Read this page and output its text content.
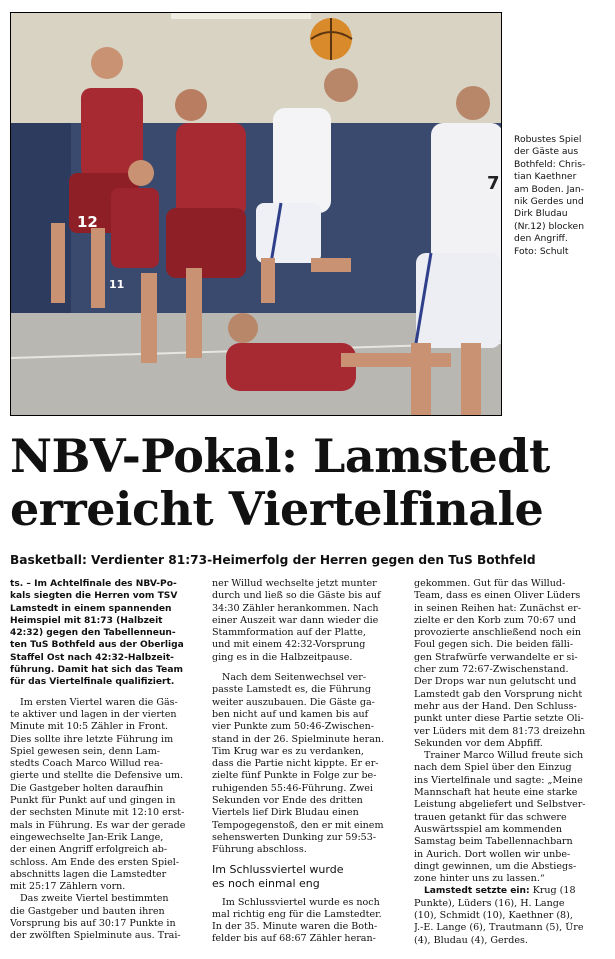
12
11
7
Robustes Spiel
der Gäste aus
Bothfeld: Chris-
tian Kaethner
am Boden. Jan-
nik Gerdes und
Dirk Bludau
(Nr.12) blocken
den Angriff.
Foto: Schult
NBV-Pokal: Lamstedt
erreicht Viertelfinale
Basketball: Verdienter 81:73-Heimerfolg der Herren gegen den TuS Bothfeld
ts. – Im Achtelfinale des NBV-Po-
kals siegten die Herren vom TSV
Lamstedt in einem spannenden
Heimspiel mit 81:73 (Halbzeit
42:32) gegen den Tabellenneun-
ten TuS Bothfeld aus der Oberliga
Staffel Ost nach 42:32-Halbzeit-
führung. Damit hat sich das Team
für das Viertelfinale qualifiziert.
Im ersten Viertel waren die Gäs-
te aktiver und lagen in der vierten
Minute mit 10:5 Zähler in Front.
Dies sollte ihre letzte Führung im
Spiel gewesen sein, denn Lam-
stedts Coach Marco Willud rea-
gierte und stellte die Defensive um.
Die Gastgeber holten daraufhin
Punkt für Punkt auf und gingen in
der sechsten Minute mit 12:10 erst-
mals in Führung. Es war der gerade
eingewechselte Jan-Erik Lange,
der einen Angriff erfolgreich ab-
schloss. Am Ende des ersten Spiel-
abschnitts lagen die Lamstedter
mit 25:17 Zählern vorn.
Das zweite Viertel bestimmten
die Gastgeber und bauten ihren
Vorsprung bis auf 30:17 Punkte in
der zwölften Spielminute aus. Trai-
ner Willud wechselte jetzt munter
durch und ließ so die Gäste bis auf
34:30 Zähler herankommen. Nach
einer Auszeit war dann wieder die
Stammformation auf der Platte,
und mit einem 42:32-Vorsprung
ging es in die Halbzeitpause.
Nach dem Seitenwechsel ver-
passte Lamstedt es, die Führung
weiter auszubauen. Die Gäste ga-
ben nicht auf und kamen bis auf
vier Punkte zum 50:46-Zwischen-
stand in der 26. Spielminute heran.
Tim Krug war es zu verdanken,
dass die Partie nicht kippte. Er er-
zielte fünf Punkte in Folge zur be-
ruhigenden 55:46-Führung. Zwei
Sekunden vor Ende des dritten
Viertels lief Dirk Bludau einen
Tempogegenstoß, den er mit einem
sehenswerten Dunking zur 59:53-
Führung abschloss.
Im Schlussviertel wurde
es noch einmal eng
Im Schlussviertel wurde es noch
mal richtig eng für die Lamstedter.
In der 35. Minute waren die Both-
felder bis auf 68:67 Zähler heran-
gekommen. Gut für das Willud-
Team, dass es einen Oliver Lüders
in seinen Reihen hat: Zunächst er-
zielte er den Korb zum 70:67 und
provozierte anschließend noch ein
Foul gegen sich. Die beiden fälli-
gen Strafwürfe verwandelte er si-
cher zum 72:67-Zwischenstand.
Der Drops war nun gelutscht und
Lamstedt gab den Vorsprung nicht
mehr aus der Hand. Den Schluss-
punkt unter diese Partie setzte Oli-
ver Lüders mit dem 81:73 dreizehn
Sekunden vor dem Abpfiff.
Trainer Marco Willud freute sich
nach dem Spiel über den Einzug
ins Viertelfinale und sagte: „Meine
Mannschaft hat heute eine starke
Leistung abgeliefert und Selbstver-
trauen getankt für das schwere
Auswärtsspiel am kommenden
Samstag beim Tabellennachbarn
in Aurich. Dort wollen wir unbe-
dingt gewinnen, um die Abstiegs-
zone hinter uns zu lassen.“
Lamstedt setzte ein: Krug (18
Punkte), Lüders (16), H. Lange
(10), Schmidt (10), Kaethner (8),
J.-E. Lange (6), Trautmann (5), Üre
(4), Bludau (4), Gerdes.
